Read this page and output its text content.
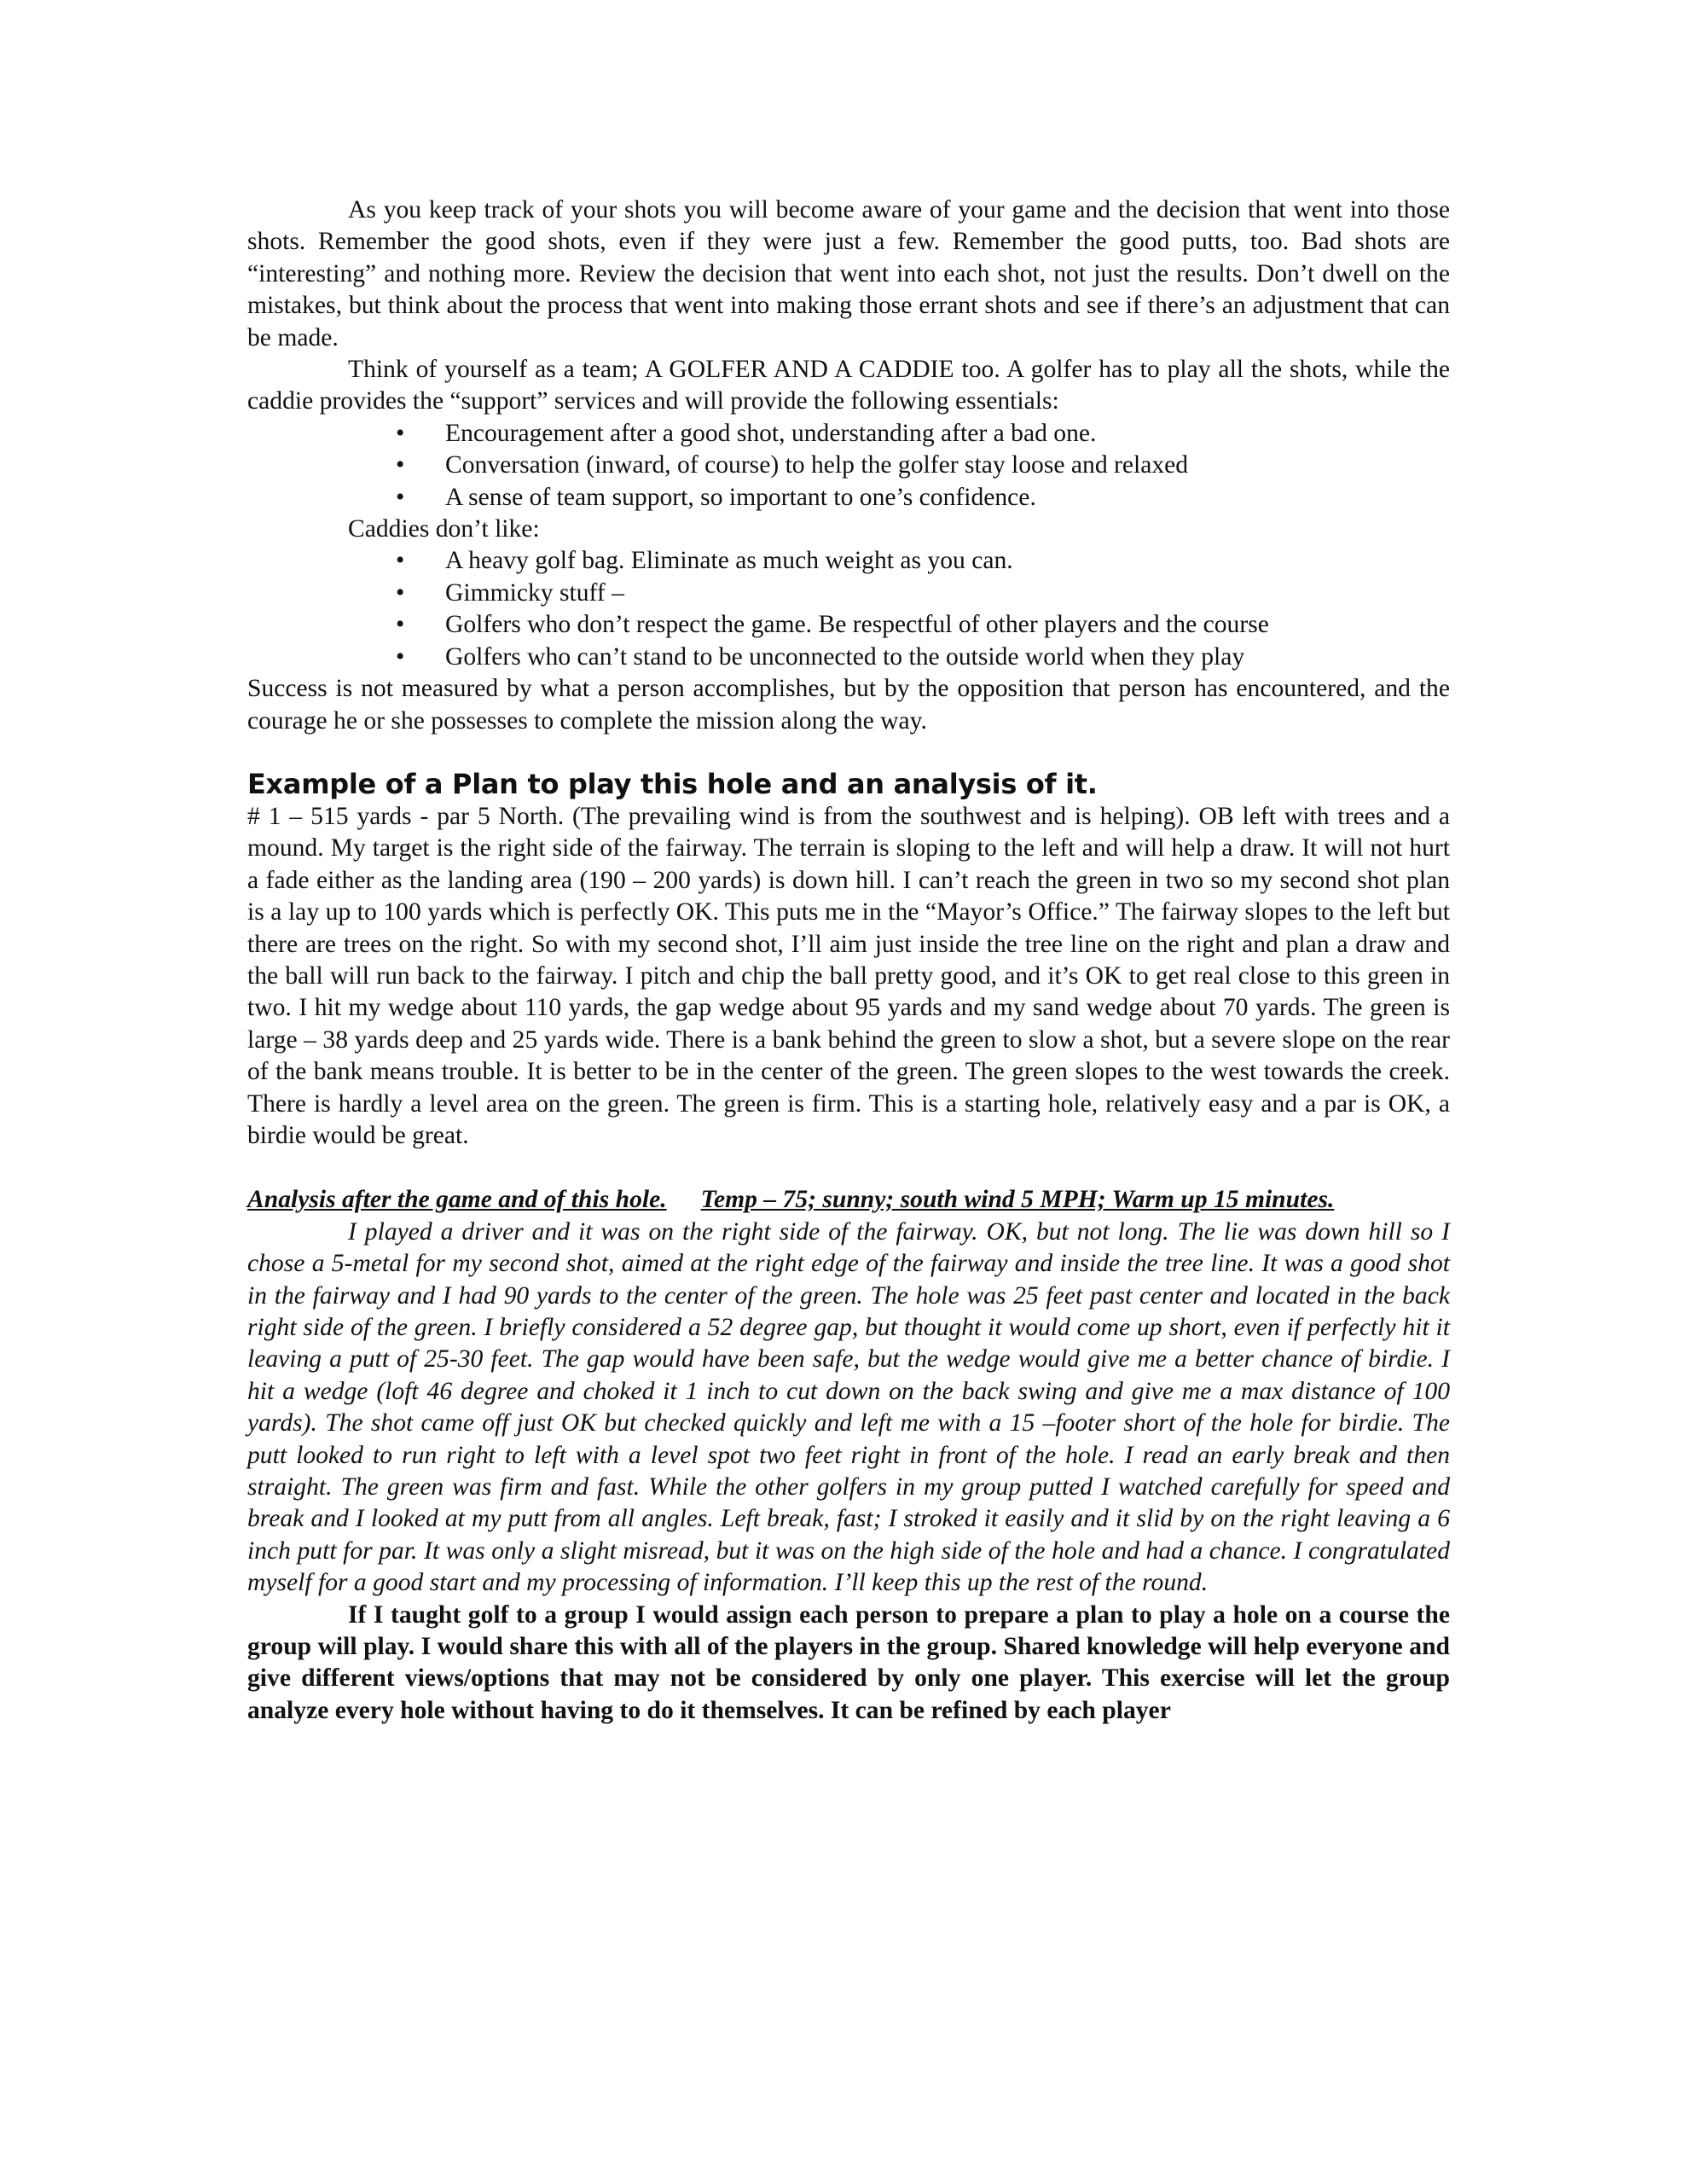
As you keep track of your shots you will become aware of your game and the decision that went into those shots. Remember the good shots, even if they were just a few. Remember the good putts, too. Bad shots are “interesting” and nothing more. Review the decision that went into each shot, not just the results. Don’t dwell on the mistakes, but think about the process that went into making those errant shots and see if there’s an adjustment that can be made.

Think of yourself as a team; A GOLFER AND A CADDIE too. A golfer has to play all the shots, while the caddie provides the “support” services and will provide the following essentials:

• Encouragement after a good shot, understanding after a bad one.
• Conversation (inward, of course) to help the golfer stay loose and relaxed
• A sense of team support, so important to one’s confidence.
Caddies don’t like:
• A heavy golf bag. Eliminate as much weight as you can.
• Gimmicky stuff –
• Golfers who don’t respect the game. Be respectful of other players and the course
• Golfers who can’t stand to be unconnected to the outside world when they play

Success is not measured by what a person accomplishes, but by the opposition that person has encountered, and the courage he or she possesses to complete the mission along the way.

Example of a Plan to play this hole and an analysis of it.

# 1 – 515 yards - par 5 North. (The prevailing wind is from the southwest and is helping). OB left with trees and a mound. My target is the right side of the fairway. The terrain is sloping to the left and will help a draw. It will not hurt a fade either as the landing area (190 – 200 yards) is down hill. I can’t reach the green in two so my second shot plan is a lay up to 100 yards which is perfectly OK. This puts me in the “Mayor’s Office.” The fairway slopes to the left but there are trees on the right. So with my second shot, I’ll aim just inside the tree line on the right and plan a draw and the ball will run back to the fairway. I pitch and chip the ball pretty good, and it’s OK to get real close to this green in two. I hit my wedge about 110 yards, the gap wedge about 95 yards and my sand wedge about 70 yards. The green is large – 38 yards deep and 25 yards wide. There is a bank behind the green to slow a shot, but a severe slope on the rear of the bank means trouble. It is better to be in the center of the green. The green slopes to the west towards the creek. There is hardly a level area on the green. The green is firm. This is a starting hole, relatively easy and a par is OK, a birdie would be great.

Analysis after the game and of this hole. Temp – 75; sunny; south wind 5 MPH; Warm up 15 minutes.

I played a driver and it was on the right side of the fairway. OK, but not long. The lie was down hill so I chose a 5-metal for my second shot, aimed at the right edge of the fairway and inside the tree line. It was a good shot in the fairway and I had 90 yards to the center of the green. The hole was 25 feet past center and located in the back right side of the green. I briefly considered a 52 degree gap, but thought it would come up short, even if perfectly hit it leaving a putt of 25-30 feet. The gap would have been safe, but the wedge would give me a better chance of birdie. I hit a wedge (loft 46 degree and choked it 1 inch to cut down on the back swing and give me a max distance of 100 yards). The shot came off just OK but checked quickly and left me with a 15 –footer short of the hole for birdie. The putt looked to run right to left with a level spot two feet right in front of the hole. I read an early break and then straight. The green was firm and fast. While the other golfers in my group putted I watched carefully for speed and break and I looked at my putt from all angles. Left break, fast; I stroked it easily and it slid by on the right leaving a 6 inch putt for par. It was only a slight misread, but it was on the high side of the hole and had a chance. I congratulated myself for a good start and my processing of information. I’ll keep this up the rest of the round.

If I taught golf to a group I would assign each person to prepare a plan to play a hole on a course the group will play. I would share this with all of the players in the group. Shared knowledge will help everyone and give different views/options that may not be considered by only one player. This exercise will let the group analyze every hole without having to do it themselves. It can be refined by each player
